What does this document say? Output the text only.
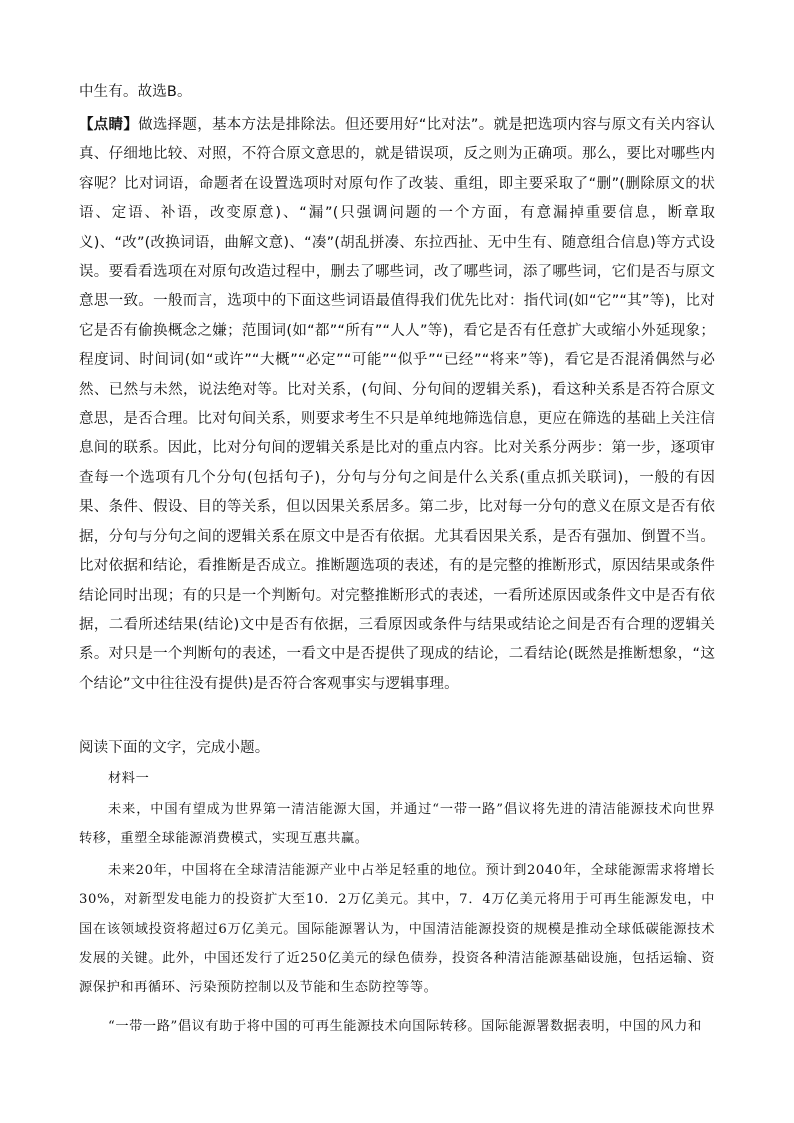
中生有。故选B。

【点睛】做选择题，基本方法是排除法。但还要用好“比对法”。就是把选项内容与原文有关内容认真、仔细地比较、对照，不符合原文意思的，就是错误项，反之则为正确项。那么，要比对哪些内容呢？比对词语，命题者在设置选项时对原句作了改装、重组，即主要采取了“删”(删除原文的状语、定语、补语，改变原意)、“漏”(只强调问题的一个方面，有意漏掉重要信息，断章取义)、“改”(改换词语，曲解文意)、“凑”(胡乱拼凑、东拉西扯、无中生有、随意组合信息)等方式设误。要看看选项在对原句改造过程中，删去了哪些词，改了哪些词，添了哪些词，它们是否与原文意思一致。一般而言，选项中的下面这些词语最值得我们优先比对：指代词(如“它”“其”等)，比对它是否有偷换概念之嫌；范围词(如“都”“所有”“人人”等)，看它是否有任意扩大或缩小外延现象；程度词、时间词(如“或许”“大概”“必定”“可能”“似乎”“已经”“将来”等)，看它是否混淆偶然与必然、已然与未然，说法绝对等。比对关系，(句间、分句间的逻辑关系)，看这种关系是否符合原文意思，是否合理。比对句间关系，则要求考生不只是单纯地筛选信息，更应在筛选的基础上关注信息间的联系。因此，比对分句间的逻辑关系是比对的重点内容。比对关系分两步：第一步，逐项审查每一个选项有几个分句(包括句子)，分句与分句之间是什么关系(重点抓关联词)，一般的有因果、条件、假设、目的等关系，但以因果关系居多。第二步，比对每一分句的意义在原文是否有依据，分句与分句之间的逻辑关系在原文中是否有依据。尤其看因果关系，是否有强加、倒置不当。比对依据和结论，看推断是否成立。推断题选项的表述，有的是完整的推断形式，原因结果或条件结论同时出现；有的只是一个判断句。对完整推断形式的表述，一看所述原因或条件文中是否有依据，二看所述结果(结论)文中是否有依据，三看原因或条件与结果或结论之间是否有合理的逻辑关系。对只是一个判断句的表述，一看文中是否提供了现成的结论，二看结论(既然是推断想象，“这个结论”文中往往没有提供)是否符合客观事实与逻辑事理。

阅读下面的文字，完成小题。

材料一

未来，中国有望成为世界第一清洁能源大国，并通过“一带一路”倡议将先进的清洁能源技术向世界转移，重塑全球能源消费模式，实现互惠共赢。

未来20年，中国将在全球清洁能源产业中占举足轻重的地位。预计到2040年，全球能源需求将增长30%，对新型发电能力的投资扩大至10．2万亿美元。其中，7．4万亿美元将用于可再生能源发电，中国在该领域投资将超过6万亿美元。国际能源署认为，中国清洁能源投资的规模是推动全球低碳能源技术发展的关键。此外，中国还发行了近250亿美元的绿色债券，投资各种清洁能源基础设施，包括运输、资源保护和再循环、污染预防控制以及节能和生态防控等等。

“一带一路”倡议有助于将中国的可再生能源技术向国际转移。国际能源署数据表明，中国的风力和
